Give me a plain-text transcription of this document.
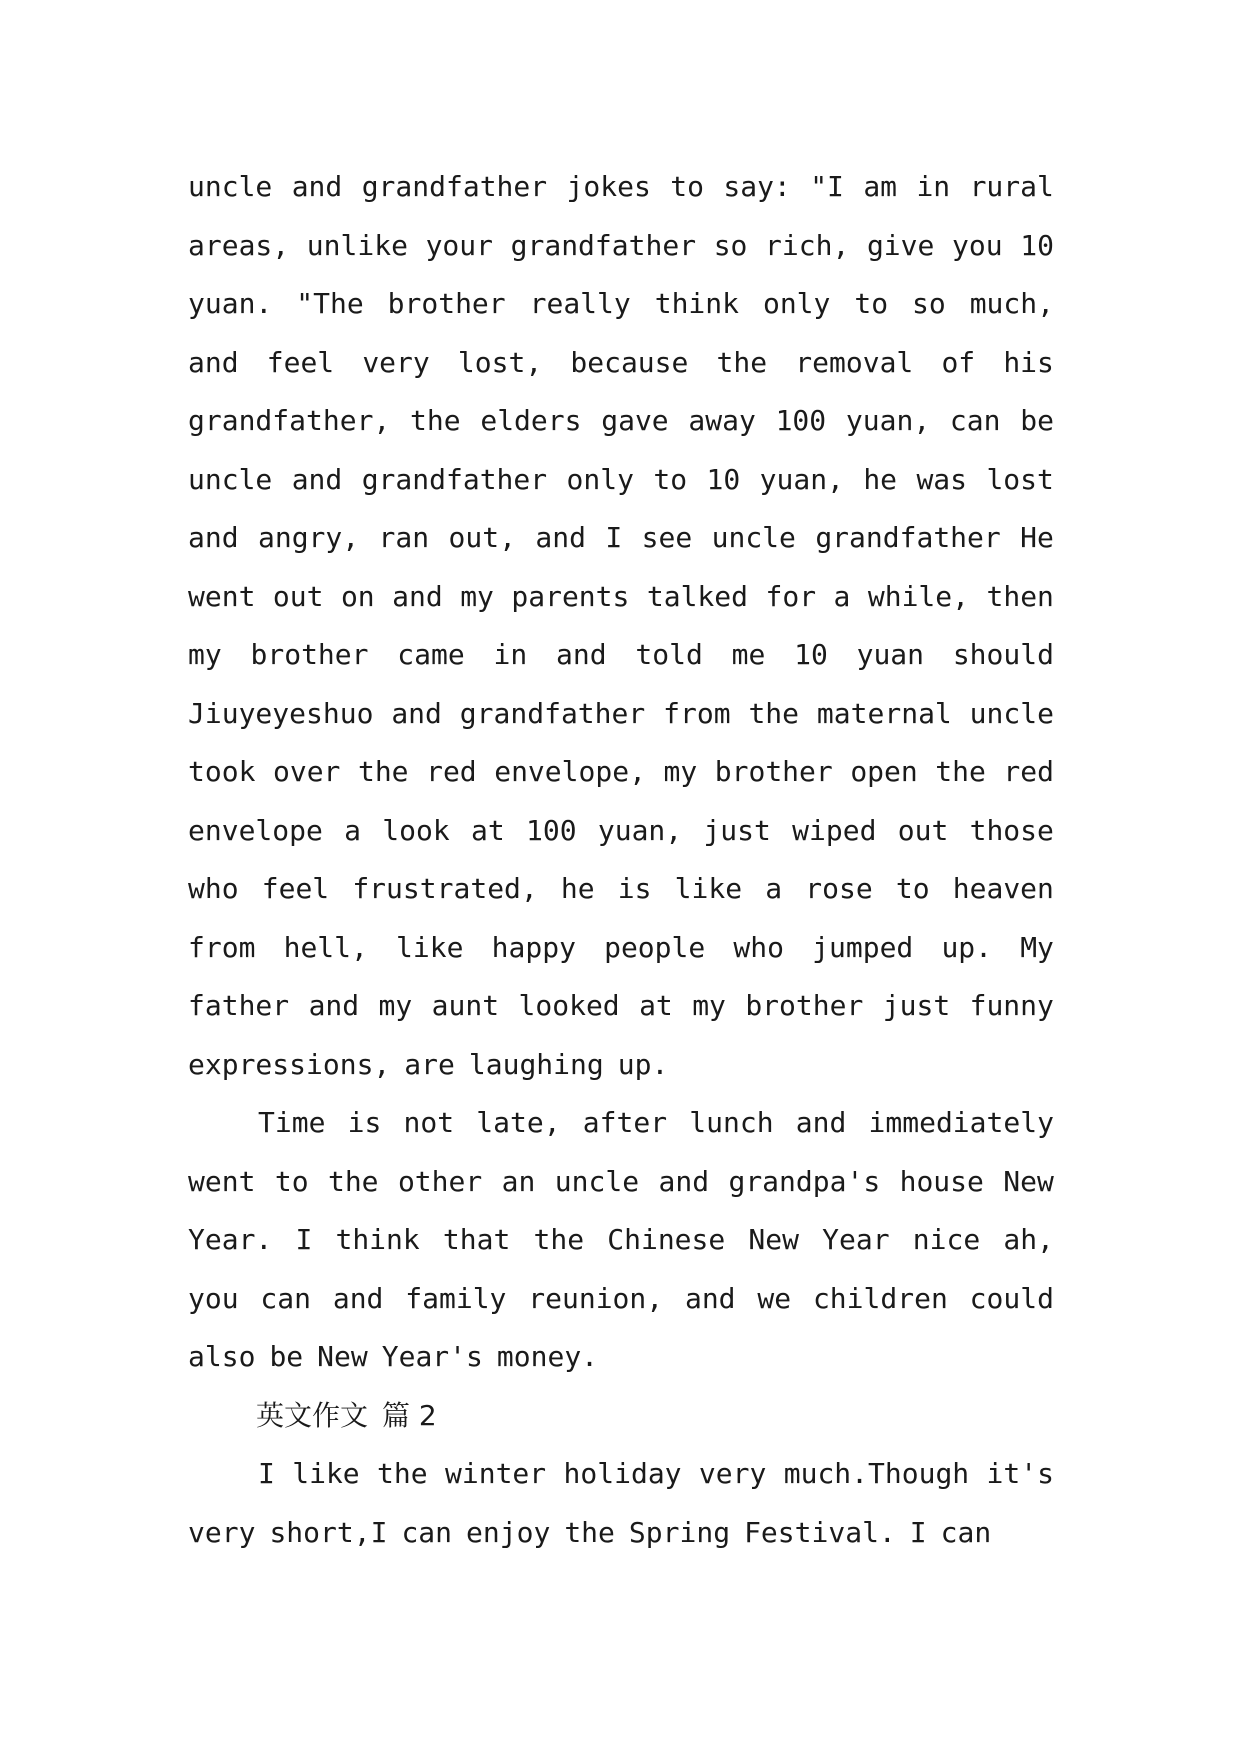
uncle and grandfather jokes to say: "I am in rural
areas, unlike your grandfather so rich, give you 10
yuan. "The brother really think only to so much,
and feel very lost, because the removal of his
grandfather, the elders gave away 100 yuan, can be
uncle and grandfather only to 10 yuan, he was lost
and angry, ran out, and I see uncle grandfather He
went out on and my parents talked for a while, then
my brother came in and told me 10 yuan should
Jiuyeyeshuo and grandfather from the maternal uncle
took over the red envelope, my brother open the red
envelope a look at 100 yuan, just wiped out those
who feel frustrated, he is like a rose to heaven
from hell, like happy people who jumped up. My
father and my aunt looked at my brother just funny
expressions, are laughing up.
Time is not late, after lunch and immediately
went to the other an uncle and grandpa's house New
Year. I think that the Chinese New Year nice ah,
you can and family reunion, and we children could
also be New Year's money.
英文作文 篇 2
I like the winter holiday very much.Though it's
very short,I can enjoy the Spring Festival. I can
